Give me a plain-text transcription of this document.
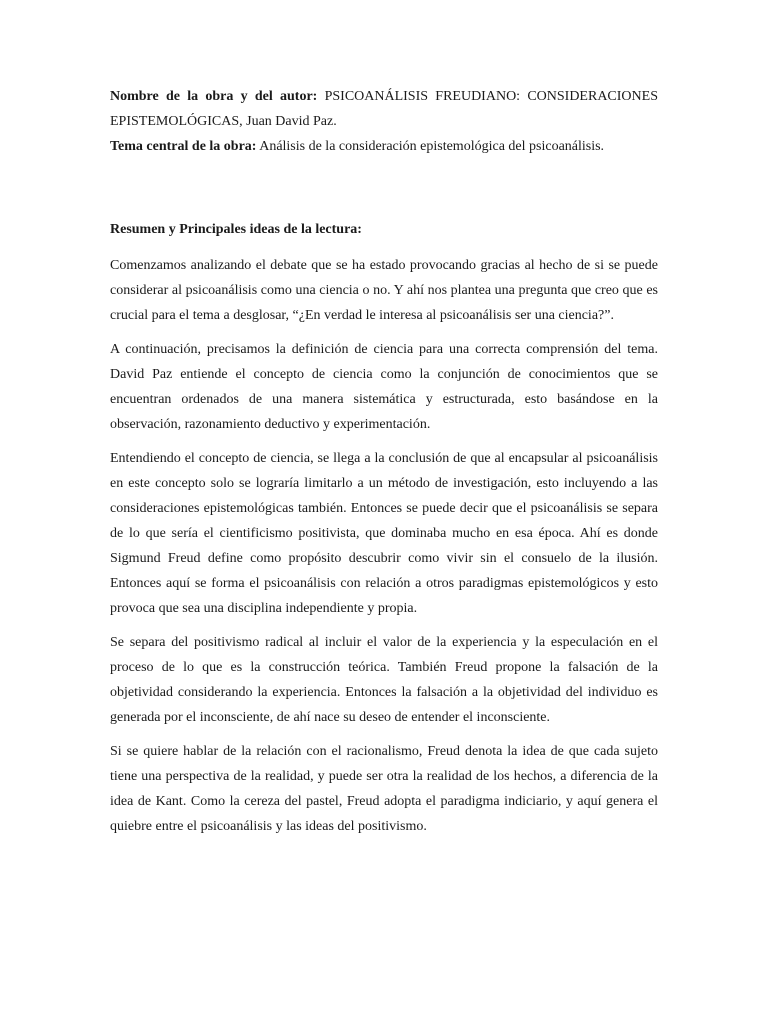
Nombre de la obra y del autor: PSICOANÁLISIS FREUDIANO: CONSIDERACIONES EPISTEMOLÓGICAS, Juan David Paz.

Tema central de la obra: Análisis de la consideración epistemológica del psicoanálisis.

Resumen y Principales ideas de la lectura:

Comenzamos analizando el debate que se ha estado provocando gracias al hecho de si se puede considerar al psicoanálisis como una ciencia o no. Y ahí nos plantea una pregunta que creo que es crucial para el tema a desglosar, “¿En verdad le interesa al psicoanálisis ser una ciencia?”.

A continuación, precisamos la definición de ciencia para una correcta comprensión del tema. David Paz entiende el concepto de ciencia como la conjunción de conocimientos que se encuentran ordenados de una manera sistemática y estructurada, esto basándose en la observación, razonamiento deductivo y experimentación.

Entendiendo el concepto de ciencia, se llega a la conclusión de que al encapsular al psicoanálisis en este concepto solo se lograría limitarlo a un método de investigación, esto incluyendo a las consideraciones epistemológicas también. Entonces se puede decir que el psicoanálisis se separa de lo que sería el cientificismo positivista, que dominaba mucho en esa época. Ahí es donde Sigmund Freud define como propósito descubrir como vivir sin el consuelo de la ilusión. Entonces aquí se forma el psicoanálisis con relación a otros paradigmas epistemológicos y esto provoca que sea una disciplina independiente y propia.

Se separa del positivismo radical al incluir el valor de la experiencia y la especulación en el proceso de lo que es la construcción teórica. También Freud propone la falsación de la objetividad considerando la experiencia. Entonces la falsación a la objetividad del individuo es generada por el inconsciente, de ahí nace su deseo de entender el inconsciente.

Si se quiere hablar de la relación con el racionalismo, Freud denota la idea de que cada sujeto tiene una perspectiva de la realidad, y puede ser otra la realidad de los hechos, a diferencia de la idea de Kant. Como la cereza del pastel, Freud adopta el paradigma indiciario, y aquí genera el quiebre entre el psicoanálisis y las ideas del positivismo.
